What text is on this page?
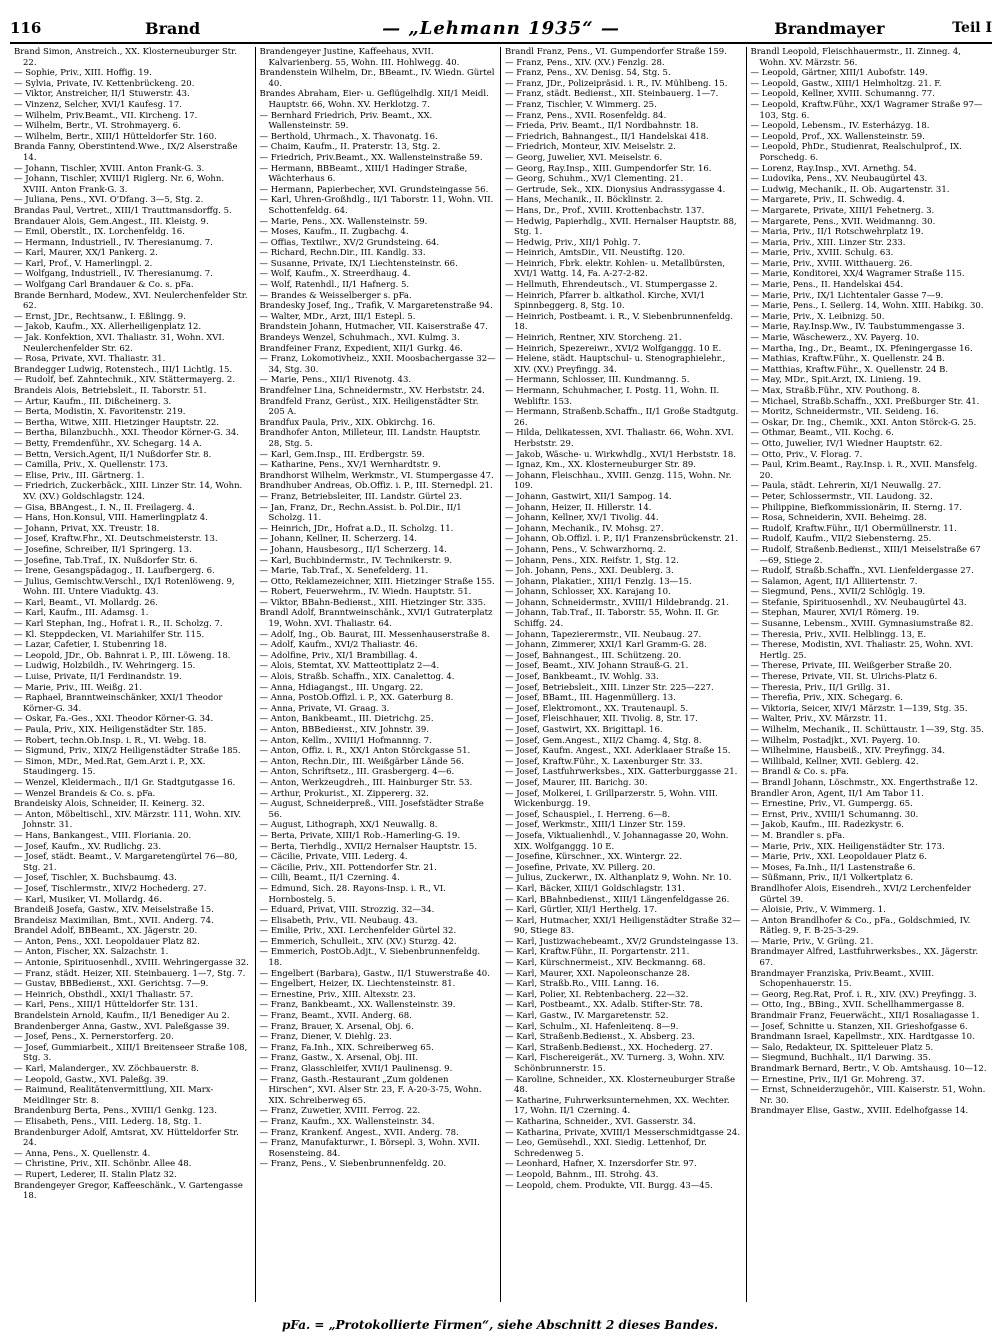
116	Brand	— „Lehmann 1935“ —	Brandmayer	Teil I
Brand Simon, Anstreich., XX. Klosterneuburger Str. 22.
— Sophie, Priv., XIII. Hoffig. 19.
— Sylvia, Private, IV. Kettenbrückeng. 20.
— Viktor, Anstreicher, II/1 Stuwerstr. 43.
— Vinzenz, Selcher, XVI/1 Kaufesg. 17.
— Wilhelm, Priv.Beamt., VII. Kircheng. 17.
— Wilhelm, Bertr., VI. Strohmayerg. 6.
— Wilhelm, Bertr., XIII/1 Hütteldorfer Str. 160.
Branda Fanny, Oberstintend.Wwe., IX/2 Alserstraße 14.
— Johann, Tischler, XVIII. Anton Frank-G. 3.
— Johann, Tischler, XVIII/1 Riglerg. Nr. 6, Wohn. XVIII. Anton Frank-G. 3.
— Juliana, Pens., XVI. O'Dfang. 3—5, Stg. 2.
Brandas Paul, Vertret., XIII/1 Trauttmansdorffg. 5.
Brandauer Alois, Gem.Angest., III. Kleistg. 9.
— Emil, Oberstlt., IX. Lorchenfeldg. 16.
— Hermann, Industriell., IV. Theresianumg. 7.
— Karl, Maurer, XX/1 Pankerg. 2.
— Karl, Prof., V. Hamerlingpl. 2.
— Wolfgang, Industriell., IV. Theresianumg. 7.
— Wolfgang Carl Brandauer & Co. s. pFa.
Brande Bernhard, Modew., XVI. Neulerchenfelder Str. 62.
— Ernst, JDr., Rechtsanw., I. Eßlingg. 9.
— Jakob, Kaufm., XX. Allerheiligenplatz 12.
— Jak. Konfektion, XVI. Thaliastr. 31, Wohn. XVI. Neulerchenfelder Str. 62.
— Rosa, Private, XVI. Thaliastr. 31.
Brandegger Ludwig, Rotenstech., III/1 Lichtlg. 15.
— Rudolf, bef. Zahntechnik., XIV. Stättermayerg. 2.
Brandeis Alois, Betriebsleit., II. Taborstr. 51.
— Artur, Kaufm., III. Dißcheinerg. 3.
— Berta, Modistin, X. Favoritenstr. 219.
— Bertha, Witwe, XIII. Hietzinger Hauptstr. 22.
— Bertha, Bilanzbuchh., XXI. Theodor Körner-G. 34.
— Betty, Fremdenführ., XV. Schegarg. 14 A.
— Bettn, Versich.Agent, II/1 Nußdorfer Str. 8.
— Camilla, Priv., X. Quellenstr. 173.
— Elise, Priv., III. Gärtnerg. 1.
— Friedrich, Zuckerbäck., XIII. Linzer Str. 14, Wohn. XV. (XV.) Goldschlagstr. 124.
— Gisa, BBAngest., I. N., II. Freilagerg. 4.
— Hans, Hon.Konsul, VIII. Hamerlingplatz 4.
— Johann, Privat, XX. Treustr. 18.
— Josef, Kraftw.Fhr., XI. Deutschmeisterstr. 13.
— Josefine, Schreiber, II/1 Springerg. 13.
— Josefine, Tab.Traf., IX. Nußdorfer Str. 6.
— Irene, Gesangspädagog., II. Laufbergerg. 6.
— Julius, Gemischtw.Verschl., IX/1 Rotenlöweng. 9, Wohn. III. Untere Viaduktg. 43.
— Karl, Beamt., VI. Mollardg. 26.
— Karl, Kaufm., III. Adamsg. 1.
— Karl Stephan, Ing., Hofrat i. R., II. Scholzg. 7.
— Kl. Steppdecken, VI. Mariahilfer Str. 115.
— Lazar, Cafetier, I. Stubenring 18.
— Leopold, JDr., Ob. Bahnrat i. P., III. Löweng. 18.
— Ludwig, Holzbildh., IV. Wehringerg. 15.
— Luise, Private, II/1 Ferdinandstr. 19.
— Marie, Priv., III. Weißg. 21.
— Raphael, Branntweinschänker, XXI/1 Theodor Körner-G. 34.
— Oskar, Fa.-Ges., XXI. Theodor Körner-G. 34.
— Paula, Priv., XIX. Heiligenstädter Str. 185.
— Robert, techn.Ob.Insp. i. R., VI. Webg. 18.
— Sigmund, Priv., XIX/2 Heiligenstädter Straße 185.
— Simon, MDr., Med.Rat, Gem.Arzt i. P., XX. Staudingerg. 15.
— Wenzel, Kleidermach., II/1 Gr. Stadtgutgasse 16.
— Wenzel Brandeis & Co. s. pFa.
Brandeisky Alois, Schneider, II. Keinerg. 32.
— Anton, Möbeltischl., XIV. Märzstr. 111, Wohn. XIV. Johnstr. 31.
— Hans, Bankangest., VIII. Floriania. 20.
— Josef, Kaufm., XV. Rudlichg. 23.
— Josef, städt. Beamt., V. Margaretengürtel 76—80, Stg. 21.
— Josef, Tischler, X. Buchsbaumg. 43.
— Josef, Tischlermstr., XIV/2 Hochederg. 27.
— Karl, Musiker, VI. Mollardg. 46.
Brandeiß Josefa, Gastw., XIV. Meiselstraße 15.
Brandeisz Maximilian, Bmt., XVII. Anderg. 74.
Brandel Adolf, BBBeamt., XX. Jägerstr. 20.
— Anton, Pens., XXI. Leopoldauer Platz 82.
— Anton, Fischer, XX. Salzachstr. 1.
— Antonie, Spirituosenhdl., XVIII. Wehringergasse 32.
— Franz, städt. Heizer, XII. Steinbauerg. 1—7, Stg. 7.
— Gustav, BBBediенst., XXI. Gerichtsg. 7—9.
— Heinrich, Obsthdl., XXI/1 Thaliastr. 57.
— Karl, Pens., XIII/1 Hütteldorfer Str. 131.
Brandelstein Arnold, Kaufm., II/1 Benediger Au 2.
Brandenberger Anna, Gastw., XVI. Paleßgasse 39.
— Josef, Pens., X. Pernerstorferg. 20.
— Josef, Gummiarbeit., XIII/1 Breitenseer Straße 108, Stg. 3.
— Karl, Malanderger., XV. Zöchbauerstr. 8.
— Leopold, Gastw., XVI. Paleßg. 39.
— Raimund, Realitätenvermittlung, XII. Marx-Meidlinger Str. 8.
Brandenburg Berta, Pens., XVIII/1 Genkg. 123.
— Elisabeth, Pens., VIII. Lederg. 18, Stg. 1.
Brandenburger Adolf, Amtsrat, XV. Hütteldorfer Str. 24.
— Anna, Pens., X. Quellenstr. 4.
— Christine, Priv., XII. Schönbr. Allee 48.
— Rupert, Lederer, II. Stalin Platz 32.
Brandengeyer Gregor, Kaffeeschänk., V. Gartengasse 18.
Brandengeyer Justine, Kaffeehaus, XVII. Kalvarienberg. 55, Wohn. III. Hohlwegg. 40.
Brandenstein Wilhelm, Dr., BBeamt., IV. Wiedn. Gürtel 40.
Brandes Abraham, Eier- u. Geflügelhdlg. XII/1 Meidl. Hauptstr. 66, Wohn. XV. Herklotzg. 7.
— Bernhard Friedrich, Priv. Beamt., XX. Wallensteinstr. 59.
— Berthold, Uhrmach., X. Thavonatg. 16.
— Chaim, Kaufm., II. Praterstr. 13, Stg. 2.
— Friedrich, Priv.Beamt., XX. Wallensteinstraße 59.
— Hermann, BBBeamt., XIII/1 Hadinger Straße, Wächterhaus 6.
— Hermann, Papierbecher, XVI. Grundsteingasse 56.
— Karl, Uhren-Großhdlg., II/1 Taborstr. 11, Wohn. VII. Schottenfeldg. 64.
— Marie, Pens., XX. Wallensteinstr. 59.
— Moses, Kaufm., II. Zugbachg. 4.
— Offias, Textilwr., XV/2 Grundsteing. 64.
— Richard, Rechn.Dir., III. Kandlg. 33.
— Susanne, Private, IX/1 Liechtensteinstr. 66.
— Wolf, Kaufm., X. Streerdhaug. 4.
— Wolf, Ratenhdl., II/1 Hafnerg. 5.
— Brandes & Weisselberger s. pFa.
Brandesky Josef, Ing., Trafik, V. Margaretenstraße 94.
— Walter, MDr., Arzt, III/1 Estepl. 5.
Brandstein Johann, Hutmacher, VII. Kaiserstraße 47.
Brandeys Wenzel, Schuhmach., XVI. Kulmg. 3.
Brandfeiner Franz, Expedient, XII/1 Gurkg. 46.
— Franz, Lokomotivheiz., XXII. Moosbachergasse 32—34, Stg. 30.
— Marie, Pens., XII/1 Rivenotg. 43.
Brandfelner Lina, Schneidermstr., XV. Herbststr. 24.
Brandfeld Franz, Gerüst., XIX. Heiligenstädter Str. 205 A.
Brandfux Paula, Priv., XIX. Obkirchg. 16.
Brandhofer Anton, Milleteur, III. Landstr. Hauptstr. 28, Stg. 5.
— Karl, Gem.Insp., III. Erdbergstr. 59.
— Katharine, Pens., XV/1 Wernhardtstr. 9.
Brandhorst Wilhelm, Werkmstr., VI. Stumpergasse 47.
Brandhuber Andreas, Ob.Offiz. i. P., III. Sternedpl. 21.
— Franz, Betriebsleiter, III. Landstr. Gürtel 23.
— Jan, Franz, Dr., Rechn.Assist. b. Pol.Dir., II/1 Scholzg. 11.
— Heinrich, JDr., Hofrat a.D., II. Scholzg. 11.
— Johann, Kellner, II. Scherzerg. 14.
— Johann, Hausbesorg., II/1 Scherzerg. 14.
— Karl, Buchbindermstr., IV. Technikerstr. 9.
— Marie, Tab.Traf., X. Senefelderg. 11.
— Otto, Reklamezeichner, XIII. Hietzinger Straße 155.
— Robert, Feuerwehrm., IV. Wiedn. Hauptstr. 51.
— Viktor, BBahn-Bediенst., XIII. Hietzinger Str. 335.
Brandl Adolf, Branntweinschänk., XVI/1 Gutraterplatz 19, Wohn. XVI. Thaliastr. 64.
— Adolf, Ing., Ob. Baurat, III. Messenhauserstraße 8.
— Adolf, Kaufm., XVI/2 Thaliastr. 46.
— Adolfine, Priv., XI/1 Brambillag. 4.
— Alois, Stemtat, XV. Matteottiplatz 2—4.
— Alois, Straßb. Schaffn., XIX. Canalettog. 4.
— Anna, Hdiagangst., III. Ungarg. 22.
— Anna, PostOb.Offizl. i. P., XX. Gaterburg 8.
— Anna, Private, VI. Graag. 3.
— Anton, Bankbeamt., III. Dietrichg. 25.
— Anton, BBBediенst., XIV. Johnstr. 39.
— Anton, Kellm., XVIII/1 Hofmannng. 7.
— Anton, Offiz. i. R., XX/1 Anton Störckgasse 51.
— Anton, Rechn.Dir., III. Weißgärber Lände 56.
— Anton, Schriftsetz., III. Grasbergerg. 4—6.
— Anton, Werkzeugdreh., III. Hainburger Str. 53.
— Arthur, Prokurist., XI. Zippererg. 32.
— August, Schneiderpreß., VIII. Josefstädter Straße 56.
— August, Lithograph, XX/1 Neuwallg. 8.
— Berta, Private, XIII/1 Rob.-Hamerling-G. 19.
— Berta, Tierhdlg., XVII/2 Hernalser Hauptstr. 15.
— Cäcilie, Private, VIII. Lederg. 4.
— Cäcilie, Priv., XII. Pottendorfer Str. 21.
— Cilli, Beamt., II/1 Czerning. 4.
— Edmund, Sich. 28. Rayons-Insp. i. R., VI. Hornbostelg. 5.
— Eduard, Privat, VIII. Strozzig. 32—34.
— Elisabeth, Priv., VII. Neubaug. 43.
— Emilie, Priv., XXI. Lerchenfelder Gürtel 32.
— Emmerich, Schulleit., XIV. (XV.) Sturzg. 42.
— Emmerich, PostOb.Adjt., V. Siebenbrunnenfeldg. 18.
— Engelbert (Barbara), Gastw., II/1 Stuwerstraße 40.
— Engelbert, Heizer, IX. Liechtensteinstr. 81.
— Ernestine, Priv., XIII. Altexstr. 23.
— Franz, Bankbeamt., XX. Wallensteinstr. 39.
— Franz, Beamt., XVII. Anderg. 68.
— Franz, Brauer, X. Arsenal, Obj. 6.
— Franz, Diener, V. Diehlg. 23.
— Franz, Fa.Inh., XIX. Schreiberweg 65.
— Franz, Gastw., X. Arsenal, Obj. III.
— Franz, Glasschleifer, XVII/1 Paulinensg. 9.
— Franz, Gasth.-Restaurant „Zum goldenen Hirschen“, XVI. Alser Str. 23, F. A-20-3-75, Wohn. XIX. Schreiberweg 65.
— Franz, Zuwetier, XVIII. Ferrog. 22.
— Franz, Kaufm., XX. Wallensteinstr. 34.
— Franz, Krankenf. Angest., XVII. Anderg. 78.
— Franz, Manufakturwr., I. Börsepl. 3, Wohn. XVII. Rosensteing. 84.
— Franz, Pens., V. Siebenbrunnenfeldg. 20.
Brandl Franz, Pens., VI. Gumpendorfer Straße 159.
— Franz, Pens., XIV. (XV.) Fenzlg. 28.
— Franz, Pens., XV. Denisg. 54, Stg. 5.
— Franz, JDr., Polizeipräsid. i. R., IV. Mühlbeng. 15.
— Franz, städt. Bediенst., XII. Steinbauerg. 1—7.
— Franz, Tischler, V. Wimmerg. 25.
— Franz, Pens., XVII. Rosenfeldg. 84.
— Frieda, Priv. Beamt., II/1 Nordbahnstr. 18.
— Friedrich, Bahnangest., II/1 Handelskai 418.
— Friedrich, Monteur, XIV. Meiselstr. 2.
— Georg, Juwelier, XVI. Meiselstr. 6.
— Georg, Ray.Insp., XIII. Gumpendorfer Str. 16.
— Georg, Schuhm., XV/1 Clementing. 21.
— Gertrude, Sek., XIX. Dionysius Andrassygasse 4.
— Hans, Mechanik., II. Böcklinstr. 2.
— Hans, Dr., Prof., XVIII. Krottenbachstr. 137.
— Hedwig, Papierhdlg., XVII. Hernalser Hauptstr. 88, Stg. 1.
— Hedwig, Priv., XII/1 Pohlg. 7.
— Heinrich, AmtsDir., VII. Neustiftg. 120.
— Heinrich, Fbrk. elektr. Kohlen- u. Metallbürsten, XVI/1 Wattg. 14, Fa. A-27-2-82.
— Hellmuth, Ehrendeutsch., VI. Stumpergasse 2.
— Heinrich, Pfarrer b. altkathol. Kirche, XVI/1 Spinnbeggerg. 8, Stg. 10.
— Heinrich, Postbeamt. i. R., V. Siebenbrunnenfeldg. 18.
— Heinrich, Rentner, XIV. Storcheng. 21.
— Heinrich, Spezereiwr., XVI/2 Wolfganggg. 10 E.
— Helene, städt. Hauptschul- u. Stenographielehr., XIV. (XV.) Preyfingg. 34.
— Hermann, Schlosser, III. Kundmanng. 5.
— Hermann, Schuhmacher, I. Postg. 11, Wohn. II. Webliftr. 153.
— Hermann, Straßenb.Schaffn., II/1 Große Stadtgutg. 26.
— Hilda, Delikatessen, XVI. Thaliastr. 66, Wohn. XVI. Herbststr. 29.
— Jakob, Wäsche- u. Wirkwhdlg., XVI/1 Herbststr. 18.
— Ignaz, Km., XX. Klosterneuburger Str. 89.
— Johann, Fleischhau., XVIII. Genzg. 115, Wohn. Nr. 109.
— Johann, Gastwirt, XII/1 Sampog. 14.
— Johann, Heizer, II. Hillerstr. 14.
— Johann, Kellner, XV/1 Tivolig. 44.
— Johann, Mechanik., IV. Mohsg. 27.
— Johann, Ob.Offizl. i. P., II/1 Franzensbrückenstr. 21.
— Johann, Pens., V. Schwarzhornq. 2.
— Johann, Pens., XIX. Reifstr. 1, Stg. 12.
— Joh. Johann, Pens., XXI. Deublerg. 3.
— Johann, Plakatier., XIII/1 Fenzlg. 13—15.
— Johann, Schlosser, XX. Karajang 10.
— Johann, Schneidermstr., XVIII/1 Hildebrandg. 21.
— Johann, Tab.Traf., II. Taborstr. 55, Wohn. II. Gr. Schiffg. 24.
— Johann, Tapezierermstr., VII. Neubaug. 27.
— Johann, Zimmerer, XXI/1 Karl Gramm-G. 28.
— Josef, Bahnangest., III. Schützeng. 20.
— Josef, Beamt., XIV. Johann Strauß-G. 21.
— Josef, Bankbeamt., IV. Wohlg. 33.
— Josef, Betriebsleit., XIII. Linzer Str. 225—227.
— Josef, BBamt., III. Hagenmüllerg. 13.
— Josef, Elektromont., XX. Trautenaupl. 5.
— Josef, Fleischhauer, XII. Tivolig. 8, Str. 17.
— Josef, Gastwirt, XX. Brigittapl. 16.
— Josef, Gem.Angest., XII/2 Chamg. 4, Stg. 8.
— Josef, Kaufm. Angest., XXI. Aderklaaer Straße 15.
— Josef, Kraftw.Führ., X. Laxenburger Str. 33.
— Josef, Lastfuhrwerksbes., XIX. Gatterburggasse 21.
— Josef, Maurer, III. Barichg. 30.
— Josef, Molkerei, I. Grillparzerstr. 5, Wohn. VIII. Wickenburgg. 19.
— Josef, Schauspiel., I. Herreng. 6—8.
— Josef, Werkmstr., XIII/1 Linzer Str. 159.
— Josefa, Viktualienhdl., V. Johannagasse 20, Wohn. XIX. Wolfganggg. 10 E.
— Josefine, Kürschner., XX. Wintergr. 22.
— Josefine, Private, XV. Pillerg. 20.
— Julius, Zuckerwr., IX. Althanplatz 9, Wohn. Nr. 10.
— Karl, Bäcker, XIII/1 Goldschlagstr. 131.
— Karl, BBahnbedienst., XIII/1 Längenfeldgasse 26.
— Karl, Gürtler, XII/1 Herthelg. 17.
— Karl, Hutmacher, XXI/1 Heiligenstädter Straße 32—90, Stiege 83.
— Karl, Justizwachebeamt., XV/2 Grundsteingasse 13.
— Karl, Kraftw.Führ., II. Porgartenstr. 211.
— Karl, Kürschnermeist., XIV. Beckmanng. 68.
— Karl, Maurer, XXI. Napoleonschanze 28.
— Karl, Straßb.Ro., VIII. Lanng. 16.
— Karl, Polier, XI. Rebtenbacherg. 22—32.
— Karl, Postbeamt., XX. Adalb. Stifter-Str. 78.
— Karl, Gastw., IV. Margaretenstr. 52.
— Karl, Schulm., XI. Hafenleitenq. 8—9.
— Karl, Straßenb.Bediенst., X. Absberg. 23.
— Karl, Straßenb.Bediенst., XX. Hochederg. 27.
— Karl, Fischereigerät., XV. Turnerg. 3, Wohn. XIV. Schönbrunnerstr. 15.
— Karoline, Schneider., XX. Klosterneuburger Straße 48.
— Katharine, Fuhrwerksunternehmen, XX. Wechter. 17, Wohn. II/1 Czerning. 4.
— Katharina, Schneider., XVI. Gasserstr. 34.
— Katharina, Private, XVIII/1 Messerschmidtgasse 24.
— Leo, Gemüsehdl., XXI. Siedig. Lettenhof, Dr. Schredenweg 5.
— Leonhard, Hafner, X. Inzersdorfer Str. 97.
— Leopold, Bahnm., III. Strohg. 43.
— Leopold, chem. Produkte, VII. Burgg. 43—45.
Brandl Leopold, Fleischhauermstr., II. Zinneg. 4, Wohn. XV. Märzstr. 56.
— Leopold, Gärtner, XIII/1 Aubofstr. 149.
— Leopold, Gastw., XIII/1 Helmholtzg. 21. F.
— Leopold, Kellner, XVIII. Schumanng. 77.
— Leopold, Kraftw.Führ., XX/1 Wagramer Straße 97—103, Stg. 6.
— Leopold, Lebensm., IV. Esterházyg. 18.
— Leopold, Prof., XX. Wallensteinstr. 59.
— Leopold, PhDr., Studienrat, Realschulprof., IX. Porschedg. 6.
— Lorenz, Ray.Insp., XVI. Arnethg. 54.
— Ludovika, Pens., XV. Neubaugürtel 43.
— Ludwig, Mechanik., II. Ob. Augartenstr. 31.
— Margarete, Priv., II. Schwedig. 4.
— Margarete, Private, XIII/1 Fehetnerg. 3.
— Margarete, Pens., XVII. Weidmanng. 30.
— Maria, Priv., II/1 Rotschwehrplatz 19.
— Maria, Priv., XIII. Linzer Str. 233.
— Marie, Priv., XVIII. Schulg. 63.
— Marie, Priv., XVIII. Witthauerg. 26.
— Marie, Konditorei, XX/4 Wagramer Straße 115.
— Marie, Pens., II. Handelskai 454.
— Marie, Priv., IX/1 Lichtentaler Gasse 7—9.
— Marie, Pens., I. Seilerg. 14, Wohn. XIII. Habikg. 30.
— Marie, Priv., X. Leibnizg. 50.
— Marie, Ray.Insp.Ww., IV. Taubstummengasse 3.
— Marie, Wäschewerz., XV. Payerg. 10.
— Martha, Ing., Dr., Beamt., IX. Pfeningergasse 16.
— Mathias, Kraftw.Führ., X. Quellenstr. 24 B.
— Matthias, Kraftw.Führ., X. Quellenstr. 24 B.
— May, MDr., Spit.Arzt, IX. Linieng. 19.
— Max, Straßb.Führ., XIV. Pouthong. 8.
— Michael, Straßb.Schaffn., XXI. Preßburger Str. 41.
— Moritz, Schneidermstr., VII. Seideng. 16.
— Oskar, Dr. Ing., Chemik., XXI. Anton Störck-G. 25.
— Othmar, Beamt., VII. Kochg. 6.
— Otto, Juwelier, IV/1 Wiedner Hauptstr. 62.
— Otto, Priv., V. Florag. 7.
— Paul, Krim.Beamt., Ray.Insp. i. R., XVII. Mansfelg. 20.
— Paula, städt. Lehrerin, XI/1 Neuwallg. 27.
— Peter, Schlossermstr., VII. Laudong. 32.
— Philippine, Biefkommissionärin, II. Sterng. 17.
— Rosa, Schneiderin, XVII. Beheimg. 28.
— Rudolf, Kraftw.Führ., II/1 Obermüllnerstr. 11.
— Rudolf, Kaufm., VII/2 Siebensterng. 25.
— Rudolf, Straßenb.Bediенst., XIII/1 Meiselstraße 67—69, Stiege 2.
— Rudolf, Straßb.Schaffn., XVI. Lienfeldergasse 27.
— Salamon, Agent, II/1 Alliiertenstr. 7.
— Siegmund, Pens., XVII/2 Schlöglg. 19.
— Stefanie, Spirituosenhdl., XV. Neubaugürtel 43.
— Stephan, Maurer, XVI/1 Römerg. 19.
— Susanne, Lebensm., XVIII. Gymnasiumstraße 82.
— Theresia, Priv., XVII. Helblingg. 13, E.
— Therese, Modistin, XVI. Thaliastr. 25, Wohn. XVI. Hertlg. 25.
— Therese, Private, III. Weißgerber Straße 20.
— Therese, Private, VII. St. Ulrichs-Platz 6.
— Theresia, Priv., II/1 Grillg. 31.
— Therefia, Priv., XIX. Schegarg. 6.
— Viktoria, Seicer, XIV/1 Märzstr. 1—139, Stg. 35.
— Walter, Priv., XV. Märzstr. 11.
— Wilhelm, Mechanik., II. Schüttaustr. 1—39, Stg. 35.
— Wilhelm, Postadjkt., XVI. Payerg. 10.
— Wilhelmine, Hausbeiß., XIV. Preyfingg. 34.
— Willibald, Kellner, XVII. Geblerg. 42.
— Brandl & Co. s. pFa.
— Brandl Johann, Löschmstr., XX. Engerthstraße 12.
Brandler Aron, Agent, II/1 Am Tabor 11.
— Ernestine, Priv., VI. Gumpergg. 65.
— Ernst, Priv., XVIII/1 Schumanng. 30.
— Jakob, Kaufm., III. Radezkystr. 6.
— M. Brandler s. pFa.
— Marie, Priv., XIX. Heiligenstädter Str. 173.
— Marie, Priv., XXI. Leopoldauer Platz 6.
— Moses, Fa.Inh., II/1 Lastenstraße 6.
— Süßmann, Priv., II/1 Volkertplatz 6.
Brandlhofer Alois, Eisendreh., XVI/2 Lerchenfelder Gürtel 39.
— Aloisie, Priv., V. Wimmerg. 1.
— Anton Brandlhofer & Co., pFa., Goldschmied, IV. Rätleg. 9, F. B-25-3-29.
— Marie, Priv., V. Grüng. 21.
Brandmayer Alfred, Lastfuhrwerksbes., XX. Jägerstr. 67.
Brandmayer Franziska, Priv.Beamt., XVIII. Schopenhauerstr. 15.
— Georg, Reg.Rat, Prof. i. R., XIV. (XV.) Preyfingg. 3.
— Otto, Ing., BBing., XVII. Schellhammergasse 8.
Brandmair Franz, Feuerwächt., XII/1 Rosaliagasse 1.
— Josef, Schnitte u. Stanzen, XII. Grieshofgasse 6.
Brandmann Israel, Kapellmstr., XIX. Hardtgasse 10.
— Salo, Redakteur, IX. Spitteleuer Platz 5.
— Siegmund, Buchhalt., II/1 Darwing. 35.
Brandmark Bernard, Bertr., V. Ob. Amtshausg. 10—12.
— Ernestine, Priv., II/1 Gr. Mohreng. 37.
— Ernst, Schneiderzugehör., VIII. Kaiserstr. 51, Wohn. Nr. 30.
Brandmayer Elise, Gastw., XVIII. Edelhofgasse 14.
pFa. = „Protokollierte Firmen“, siehe Abschnitt 2 dieses Bandes.
